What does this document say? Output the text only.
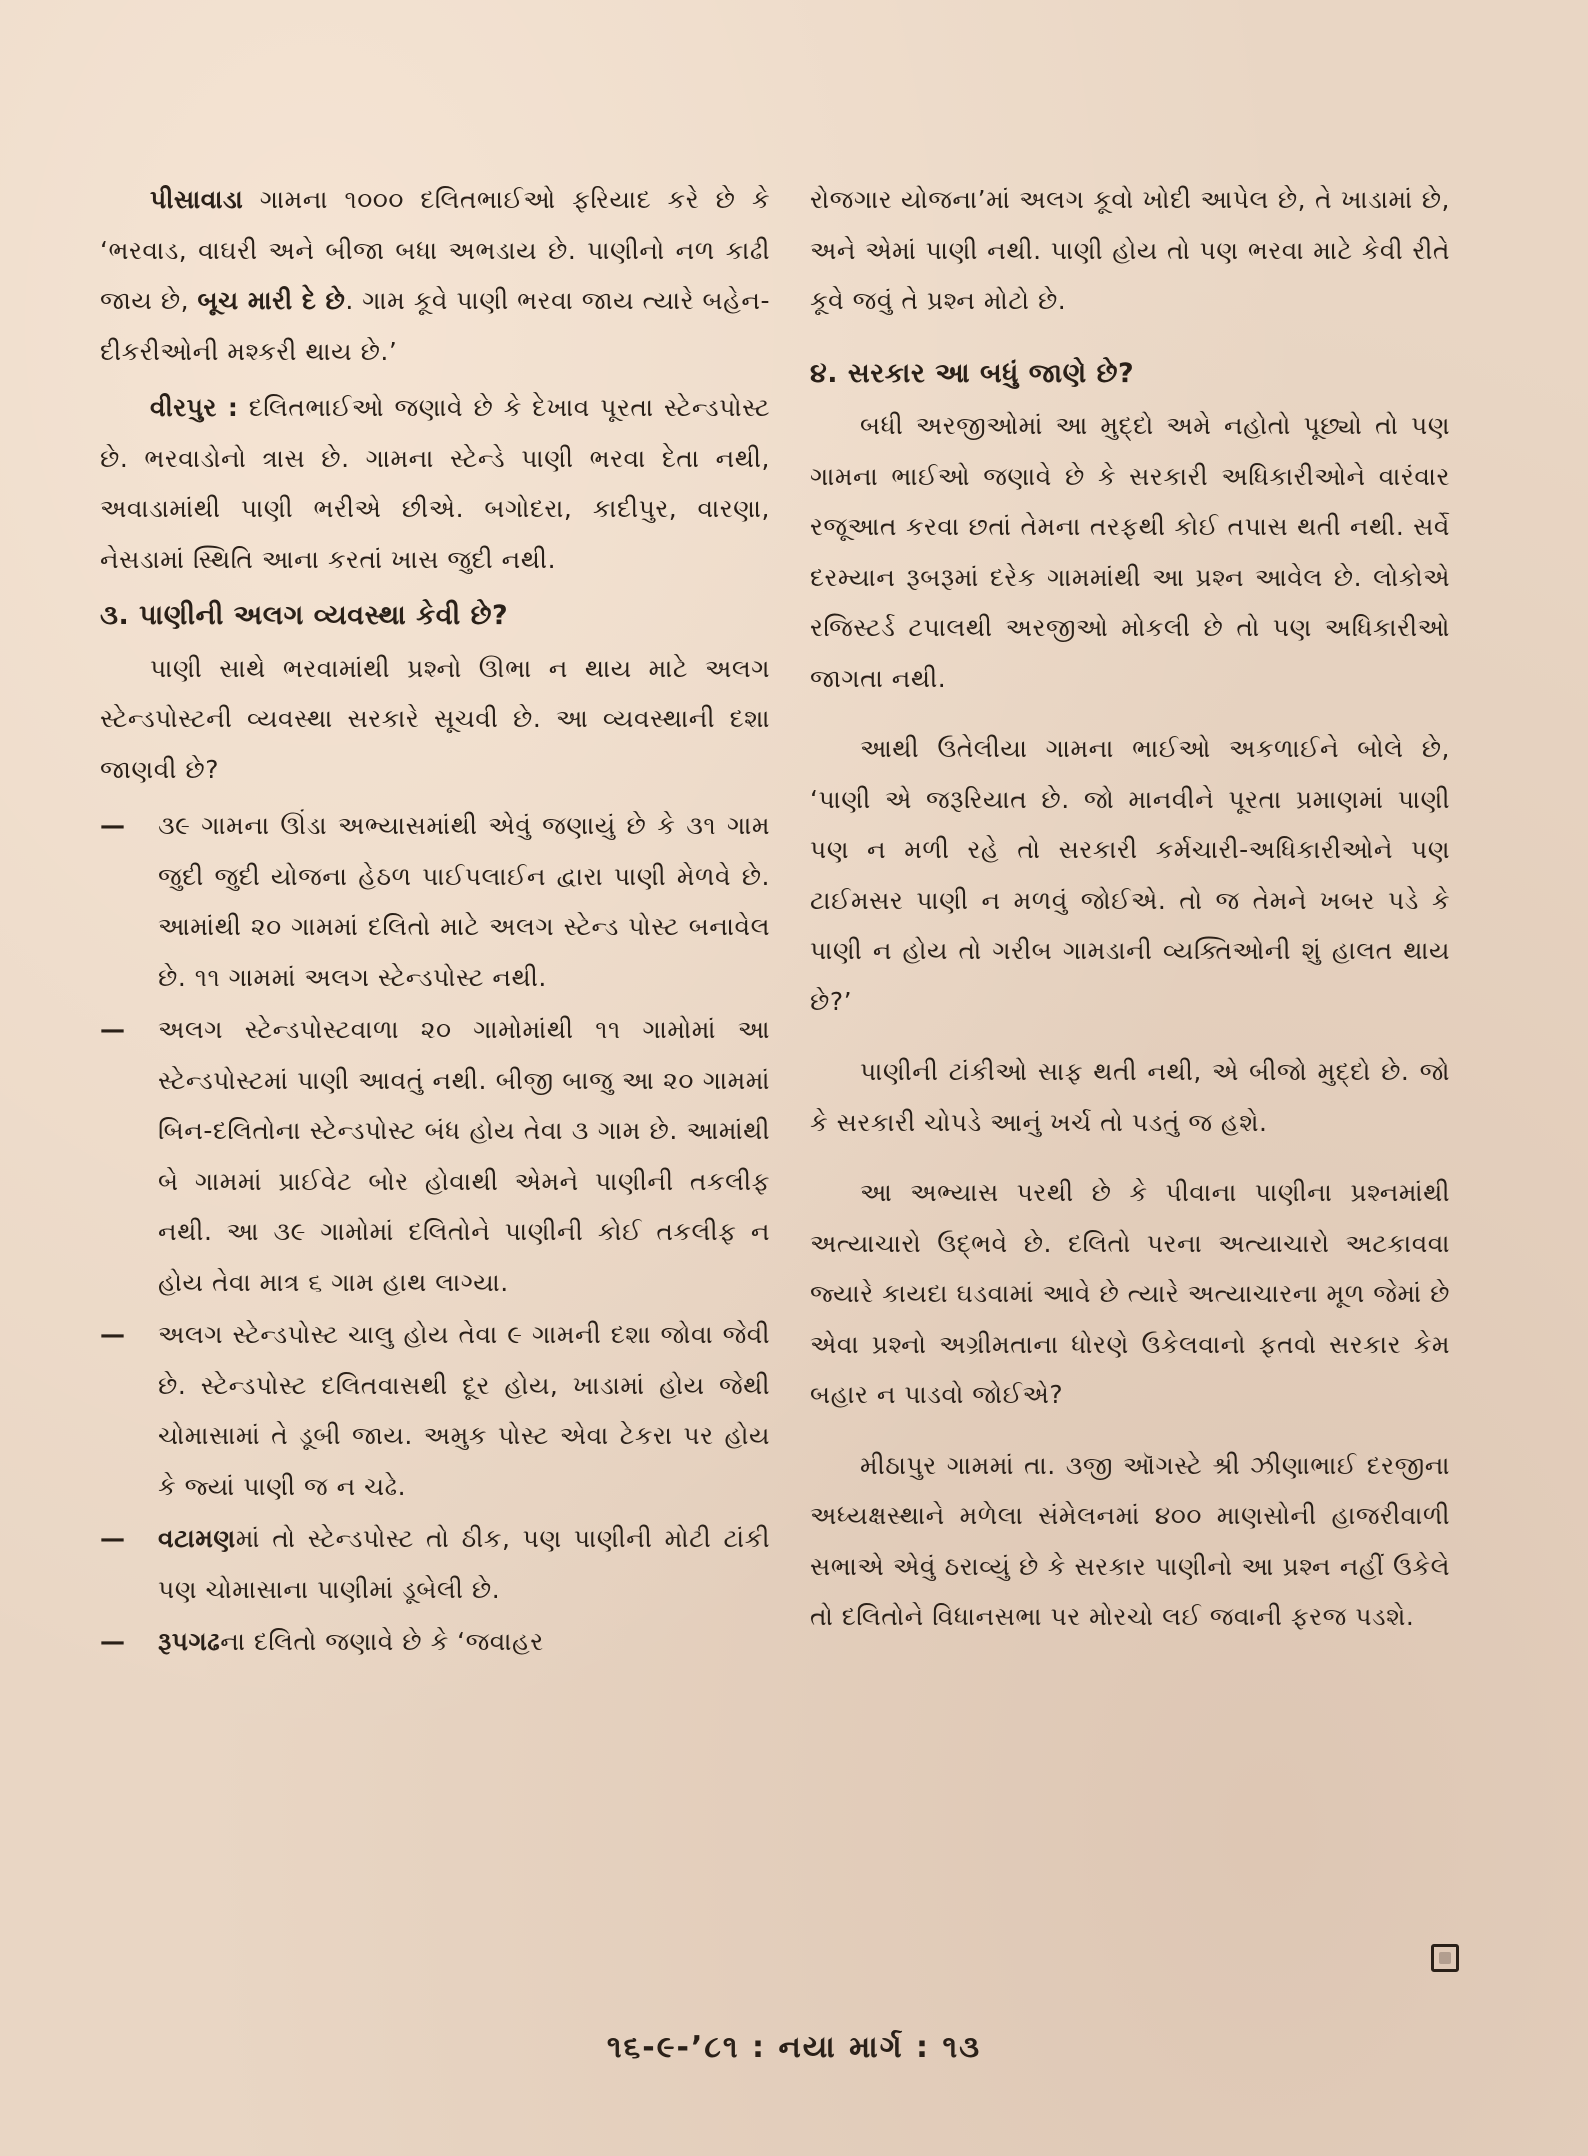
પીસાવાડા ગામના ૧૦૦૦ દલિતભાઈઓ ફરિયાદ કરે છે કે ‘ભરવાડ, વાઘરી અને બીજા બધા અભડાય છે. પાણીનો નળ કાઢી જાય છે, બૂચ મારી દે છે. ગામ કૂવે પાણી ભરવા જાય ત્યારે બહેન-દીકરીઓની મશ્કરી થાય છે.’

વીરપુર : દલિતભાઈઓ જણાવે છે કે દેખાવ પૂરતા સ્ટેન્ડપોસ્ટ છે. ભરવાડોનો ત્રાસ છે. ગામના સ્ટેન્ડે પાણી ભરવા દેતા નથી, અવાડામાંથી પાણી ભરીએ છીએ. બગોદરા, કાદીપુર, વારણા, નેસડામાં સ્થિતિ આના કરતાં ખાસ જુદી નથી.

૩. પાણીની અલગ વ્યવસ્થા કેવી છે?

પાણી સાથે ભરવામાંથી પ્રશ્નો ઊભા ન થાય માટે અલગ સ્ટેન્ડપોસ્ટની વ્યવસ્થા સરકારે સૂચવી છે. આ વ્યવસ્થાની દશા જાણવી છે?

—	૩૯ ગામના ઊંડા અભ્યાસમાંથી એવું જણાયું છે કે ૩૧ ગામ જુદી જુદી યોજના હેઠળ પાઈપલાઈન દ્વારા પાણી મેળવે છે. આમાંથી ૨૦ ગામમાં દલિતો માટે અલગ સ્ટેન્ડ પોસ્ટ બનાવેલ છે. ૧૧ ગામમાં અલગ સ્ટેન્ડપોસ્ટ નથી.
—	અલગ સ્ટેન્ડપોસ્ટવાળા ૨૦ ગામોમાંથી ૧૧ ગામોમાં આ સ્ટેન્ડપોસ્ટમાં પાણી આવતું નથી. બીજી બાજુ આ ૨૦ ગામમાં બિન-દલિતોના સ્ટેન્ડપોસ્ટ બંધ હોય તેવા ૩ ગામ છે. આમાંથી બે ગામમાં પ્રાઈવેટ બોર હોવાથી એમને પાણીની તકલીફ નથી. આ ૩૯ ગામોમાં દલિતોને પાણીની કોઈ તકલીફ ન હોય તેવા માત્ર ૬ ગામ હાથ લાગ્યા.
—	અલગ સ્ટેન્ડપોસ્ટ ચાલુ હોય તેવા ૯ ગામની દશા જોવા જેવી છે. સ્ટેન્ડપોસ્ટ દલિતવાસથી દૂર હોય, ખાડામાં હોય જેથી ચોમાસામાં તે ડૂબી જાય. અમુક પોસ્ટ એવા ટેકરા પર હોય કે જ્યાં પાણી જ ન ચઢે.
—	વટામણમાં તો સ્ટેન્ડપોસ્ટ તો ઠીક, પણ પાણીની મોટી ટાંકી પણ ચોમાસાના પાણીમાં ડૂબેલી છે.
—	રૂપગઢના દલિતો જણાવે છે કે ‘જવાહર

રોજગાર યોજના’માં અલગ કૂવો ખોદી આપેલ છે, તે ખાડામાં છે, અને એમાં પાણી નથી. પાણી હોય તો પણ ભરવા માટે કેવી રીતે કૂવે જવું તે પ્રશ્ન મોટો છે.

૪. સરકાર આ બધું જાણે છે?

બધી અરજીઓમાં આ મુદ્દો અમે નહોતો પૂછ્યો તો પણ ગામના ભાઈઓ જણાવે છે કે સરકારી અધિકારીઓને વારંવાર રજૂઆત કરવા છતાં તેમના તરફથી કોઈ તપાસ થતી નથી. સર્વે દરમ્યાન રૂબરૂમાં દરેક ગામમાંથી આ પ્રશ્ન આવેલ છે. લોકોએ રજિસ્ટર્ડ ટપાલથી અરજીઓ મોકલી છે તો પણ અધિકારીઓ જાગતા નથી.

આથી ઉતેલીયા ગામના ભાઈઓ અકળાઈને બોલે છે, ‘પાણી એ જરૂરિયાત છે. જો માનવીને પૂરતા પ્રમાણમાં પાણી પણ ન મળી રહે તો સરકારી કર્મચારી-અધિકારીઓને પણ ટાઈમસર પાણી ન મળવું જોઈએ. તો જ તેમને ખબર પડે કે પાણી ન હોય તો ગરીબ ગામડાની વ્યક્તિઓની શું હાલત થાય છે?’

પાણીની ટાંકીઓ સાફ થતી નથી, એ બીજો મુદ્દો છે. જો કે સરકારી ચોપડે આનું ખર્ચ તો પડતું જ હશે.

આ અભ્યાસ પરથી છે કે પીવાના પાણીના પ્રશ્નમાંથી અત્યાચારો ઉદ્ભવે છે. દલિતો પરના અત્યાચારો અટકાવવા જ્યારે કાયદા ઘડવામાં આવે છે ત્યારે અત્યાચારના મૂળ જેમાં છે એવા પ્રશ્નો અગ્રીમતાના ધોરણે ઉકેલવાનો ફતવો સરકાર કેમ બહાર ન પાડવો જોઈએ?

મીઠાપુર ગામમાં તા. ૩જી ઑગસ્ટે શ્રી ઝીણાભાઈ દરજીના અધ્યક્ષસ્થાને મળેલા સંમેલનમાં ૪૦૦ માણસોની હાજરીવાળી સભાએ એવું ઠરાવ્યું છે કે સરકાર પાણીનો આ પ્રશ્ન નહીં ઉકેલે તો દલિતોને વિધાનસભા પર મોરચો લઈ જવાની ફરજ પડશે.

૧૬-૯-’૮૧ : નયા માર્ગ : ૧૩
